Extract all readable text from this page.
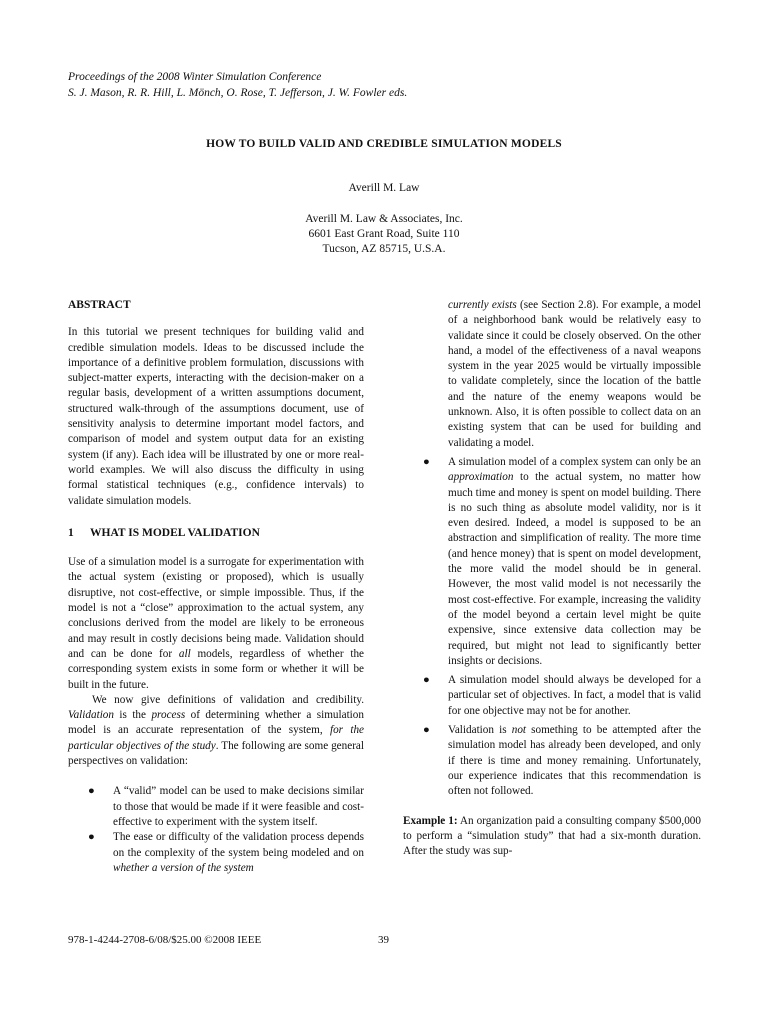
Proceedings of the 2008 Winter Simulation Conference
S. J. Mason, R. R. Hill, L. Mönch, O. Rose, T. Jefferson, J. W. Fowler eds.
HOW TO BUILD VALID AND CREDIBLE SIMULATION MODELS
Averill M. Law
Averill M. Law & Associates, Inc.
6601 East Grant Road, Suite 110
Tucson, AZ 85715, U.S.A.

ABSTRACT

In this tutorial we present techniques for building valid and credible simulation models. Ideas to be discussed include the importance of a definitive problem formulation, discussions with subject-matter experts, interacting with the decision-maker on a regular basis, development of a written assumptions document, structured walk-through of the assumptions document, use of sensitivity analysis to determine important model factors, and comparison of model and system output data for an existing system (if any). Each idea will be illustrated by one or more real-world examples. We will also discuss the difficulty in using formal statistical techniques (e.g., confidence intervals) to validate simulation models.

1	WHAT IS MODEL VALIDATION

Use of a simulation model is a surrogate for experimentation with the actual system (existing or proposed), which is usually disruptive, not cost-effective, or simple impossible. Thus, if the model is not a “close” approximation to the actual system, any conclusions derived from the model are likely to be erroneous and may result in costly decisions being made. Validation should and can be done for all models, regardless of whether the corresponding system exists in some form or whether it will be built in the future.

We now give definitions of validation and credibility. Validation is the process of determining whether a simulation model is an accurate representation of the system, for the particular objectives of the study. The following are some general perspectives on validation:

● A “valid” model can be used to make decisions similar to those that would be made if it were feasible and cost-effective to experiment with the system itself.
● The ease or difficulty of the validation process depends on the complexity of the system being modeled and on whether a version of the system
currently exists (see Section 2.8). For example, a model of a neighborhood bank would be relatively easy to validate since it could be closely observed. On the other hand, a model of the effectiveness of a naval weapons system in the year 2025 would be virtually impossible to validate completely, since the location of the battle and the nature of the enemy weapons would be unknown. Also, it is often possible to collect data on an existing system that can be used for building and validating a model.
● A simulation model of a complex system can only be an approximation to the actual system, no matter how much time and money is spent on model building. There is no such thing as absolute model validity, nor is it even desired. Indeed, a model is supposed to be an abstraction and simplification of reality. The more time (and hence money) that is spent on model development, the more valid the model should be in general. However, the most valid model is not necessarily the most cost-effective. For example, increasing the validity of the model beyond a certain level might be quite expensive, since extensive data collection may be required, but might not lead to significantly better insights or decisions.
● A simulation model should always be developed for a particular set of objectives. In fact, a model that is valid for one objective may not be for another.
● Validation is not something to be attempted after the simulation model has already been developed, and only if there is time and money remaining. Unfortunately, our experience indicates that this recommendation is often not followed.

Example 1: An organization paid a consulting company $500,000 to perform a “simulation study” that had a six-month duration. After the study was sup-

978-1-4244-2708-6/08/$25.00 ©2008 IEEE	39
